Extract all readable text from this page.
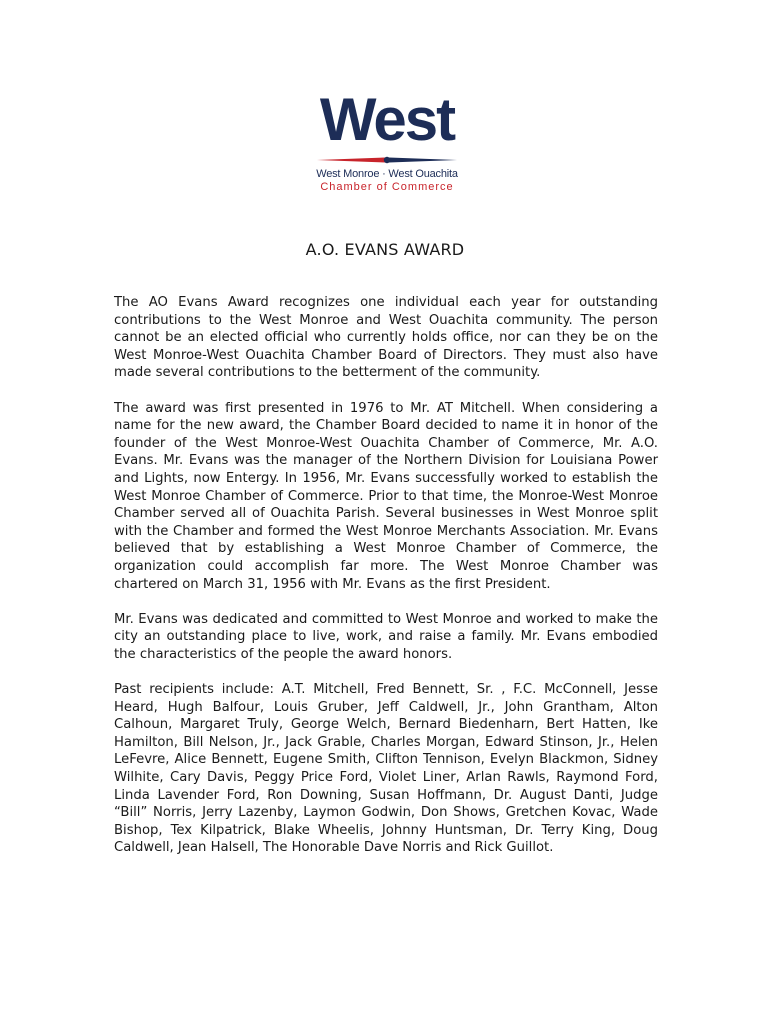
West
West Monroe · West Ouachita
Chamber of Commerce
A.O. EVANS AWARD

The AO Evans Award recognizes one individual each year for outstanding contributions to the West Monroe and West Ouachita community. The person cannot be an elected official who currently holds office, nor can they be on the West Monroe-West Ouachita Chamber Board of Directors. They must also have made several contributions to the betterment of the community.

The award was first presented in 1976 to Mr. AT Mitchell. When considering a name for the new award, the Chamber Board decided to name it in honor of the founder of the West Monroe-West Ouachita Chamber of Commerce, Mr. A.O. Evans. Mr. Evans was the manager of the Northern Division for Louisiana Power and Lights, now Entergy. In 1956, Mr. Evans successfully worked to establish the West Monroe Chamber of Commerce. Prior to that time, the Monroe-West Monroe Chamber served all of Ouachita Parish. Several businesses in West Monroe split with the Chamber and formed the West Monroe Merchants Association. Mr. Evans believed that by establishing a West Monroe Chamber of Commerce, the organization could accomplish far more. The West Monroe Chamber was chartered on March 31, 1956 with Mr. Evans as the first President.

Mr. Evans was dedicated and committed to West Monroe and worked to make the city an outstanding place to live, work, and raise a family. Mr. Evans embodied the characteristics of the people the award honors.

Past recipients include: A.T. Mitchell, Fred Bennett, Sr. , F.C. McConnell, Jesse Heard, Hugh Balfour, Louis Gruber, Jeff Caldwell, Jr., John Grantham, Alton Calhoun, Margaret Truly, George Welch, Bernard Biedenharn, Bert Hatten, Ike Hamilton, Bill Nelson, Jr., Jack Grable, Charles Morgan, Edward Stinson, Jr., Helen LeFevre, Alice Bennett, Eugene Smith, Clifton Tennison, Evelyn Blackmon, Sidney Wilhite, Cary Davis, Peggy Price Ford, Violet Liner, Arlan Rawls, Raymond Ford, Linda Lavender Ford, Ron Downing, Susan Hoffmann, Dr. August Danti, Judge “Bill” Norris, Jerry Lazenby, Laymon Godwin, Don Shows, Gretchen Kovac, Wade Bishop, Tex Kilpatrick, Blake Wheelis, Johnny Huntsman, Dr. Terry King, Doug Caldwell, Jean Halsell, The Honorable Dave Norris and Rick Guillot.
